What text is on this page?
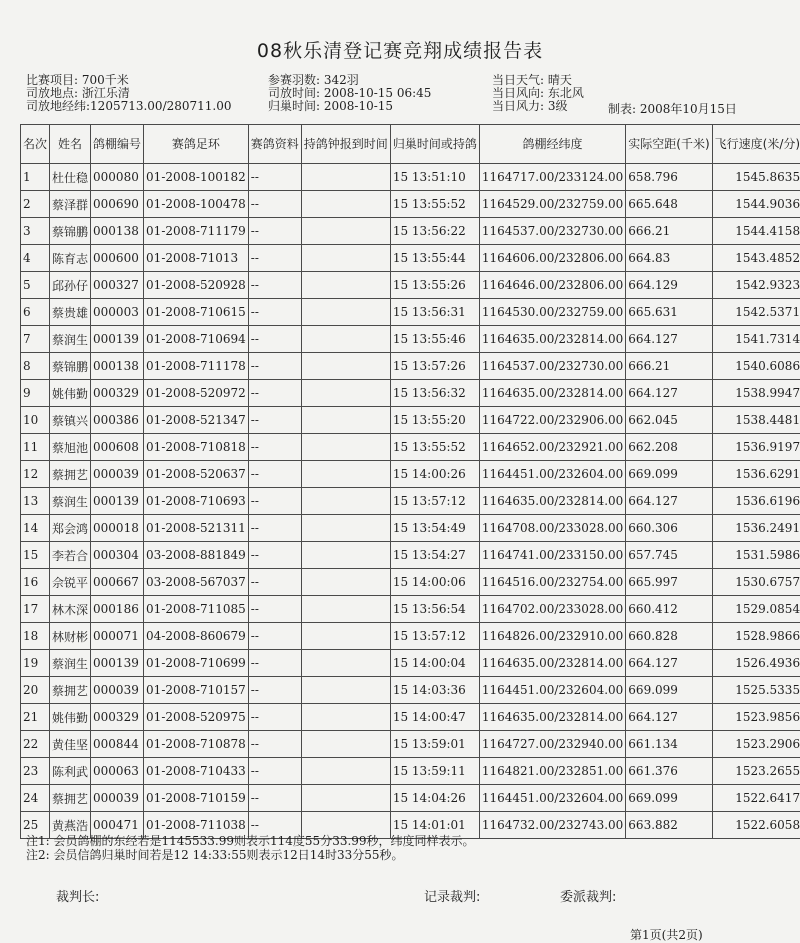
08秋乐清登记赛竞翔成绩报告表
比赛项目: 700千米
司放地点: 浙江乐清
司放地经纬:1205713.00/280711.00
参赛羽数: 342羽
司放时间: 2008-10-15 06:45
归巢时间: 2008-10-15
当日天气: 晴天
当日风向: 东北风
当日风力: 3级	制表: 2008年10月15日
名次	姓名	鸽棚编号	赛鸽足环	赛鸽资料	持鸽钟报到时间	归巢时间或持鸽	鸽棚经纬度	实际空距(千米)	飞行速度(米/分)
1	杜仕稳	000080	01-2008-100182	--		15 13:51:10	1164717.00/233124.00	658.796	1545.8635
2	蔡泽群	000690	01-2008-100478	--		15 13:55:52	1164529.00/232759.00	665.648	1544.9036
3	蔡锦鹏	000138	01-2008-711179	--		15 13:56:22	1164537.00/232730.00	666.21	1544.4158
4	陈育志	000600	01-2008-71013	--		15 13:55:44	1164606.00/232806.00	664.83	1543.4852
5	邱孙仔	000327	01-2008-520928	--		15 13:55:26	1164646.00/232806.00	664.129	1542.9323
6	蔡贵雄	000003	01-2008-710615	--		15 13:56:31	1164530.00/232759.00	665.631	1542.5371
7	蔡润生	000139	01-2008-710694	--		15 13:55:46	1164635.00/232814.00	664.127	1541.7314
8	蔡锦鹏	000138	01-2008-711178	--		15 13:57:26	1164537.00/232730.00	666.21	1540.6086
9	姚伟勤	000329	01-2008-520972	--		15 13:56:32	1164635.00/232814.00	664.127	1538.9947
10	蔡镇兴	000386	01-2008-521347	--		15 13:55:20	1164722.00/232906.00	662.045	1538.4481
11	蔡旭池	000608	01-2008-710818	--		15 13:55:52	1164652.00/232921.00	662.208	1536.9197
12	蔡拥艺	000039	01-2008-520637	--		15 14:00:26	1164451.00/232604.00	669.099	1536.6291
13	蔡润生	000139	01-2008-710693	--		15 13:57:12	1164635.00/232814.00	664.127	1536.6196
14	郑会鸿	000018	01-2008-521311	--		15 13:54:49	1164708.00/233028.00	660.306	1536.2491
15	李若合	000304	03-2008-881849	--		15 13:54:27	1164741.00/233150.00	657.745	1531.5986
16	佘锐平	000667	03-2008-567037	--		15 14:00:06	1164516.00/232754.00	665.997	1530.6757
17	林木深	000186	01-2008-711085	--		15 13:56:54	1164702.00/233028.00	660.412	1529.0854
18	林财彬	000071	04-2008-860679	--		15 13:57:12	1164826.00/232910.00	660.828	1528.9866
19	蔡润生	000139	01-2008-710699	--		15 14:00:04	1164635.00/232814.00	664.127	1526.4936
20	蔡拥艺	000039	01-2008-710157	--		15 14:03:36	1164451.00/232604.00	669.099	1525.5335
21	姚伟勤	000329	01-2008-520975	--		15 14:00:47	1164635.00/232814.00	664.127	1523.9856
22	黄佳坚	000844	01-2008-710878	--		15 13:59:01	1164727.00/232940.00	661.134	1523.2906
23	陈利武	000063	01-2008-710433	--		15 13:59:11	1164821.00/232851.00	661.376	1523.2655
24	蔡拥艺	000039	01-2008-710159	--		15 14:04:26	1164451.00/232604.00	669.099	1522.6417
25	黄燕浩	000471	01-2008-711038	--		15 14:01:01	1164732.00/232743.00	663.882	1522.6058
注1: 会员鸽棚的东经若是1145533.99则表示114度55分33.99秒，纬度同样表示。
注2: 会员信鸽归巢时间若是12 14:33:55则表示12日14时33分55秒。
裁判长:	记录裁判:	委派裁判:
第1页(共2页)
